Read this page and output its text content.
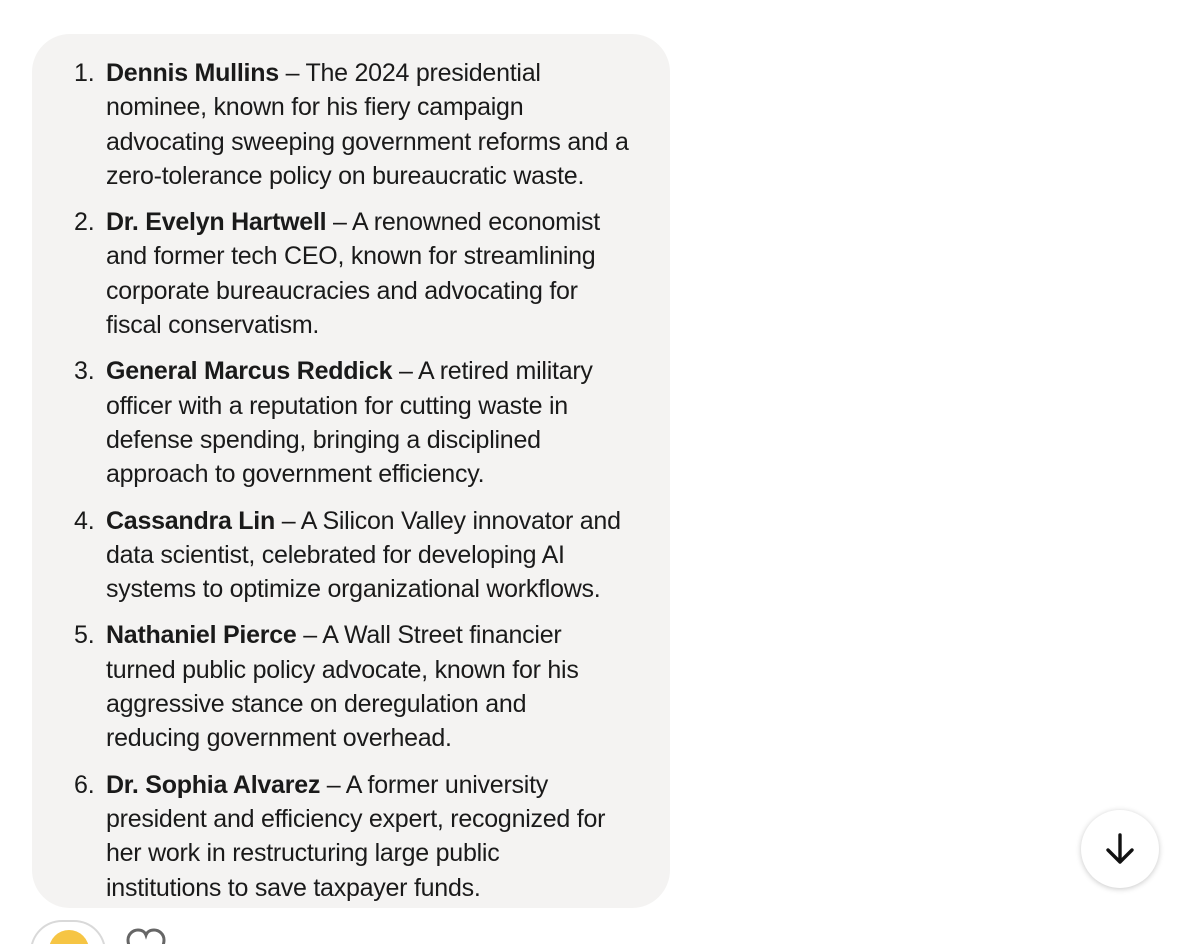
1. Dennis Mullins – The 2024 presidential
nominee, known for his fiery campaign
advocating sweeping government reforms and a
zero-tolerance policy on bureaucratic waste.
2. Dr. Evelyn Hartwell – A renowned economist
and former tech CEO, known for streamlining
corporate bureaucracies and advocating for
fiscal conservatism.
3. General Marcus Reddick – A retired military
officer with a reputation for cutting waste in
defense spending, bringing a disciplined
approach to government efficiency.
4. Cassandra Lin – A Silicon Valley innovator and
data scientist, celebrated for developing AI
systems to optimize organizational workflows.
5. Nathaniel Pierce – A Wall Street financier
turned public policy advocate, known for his
aggressive stance on deregulation and
reducing government overhead.
6. Dr. Sophia Alvarez – A former university
president and efficiency expert, recognized for
her work in restructuring large public
institutions to save taxpayer funds.
